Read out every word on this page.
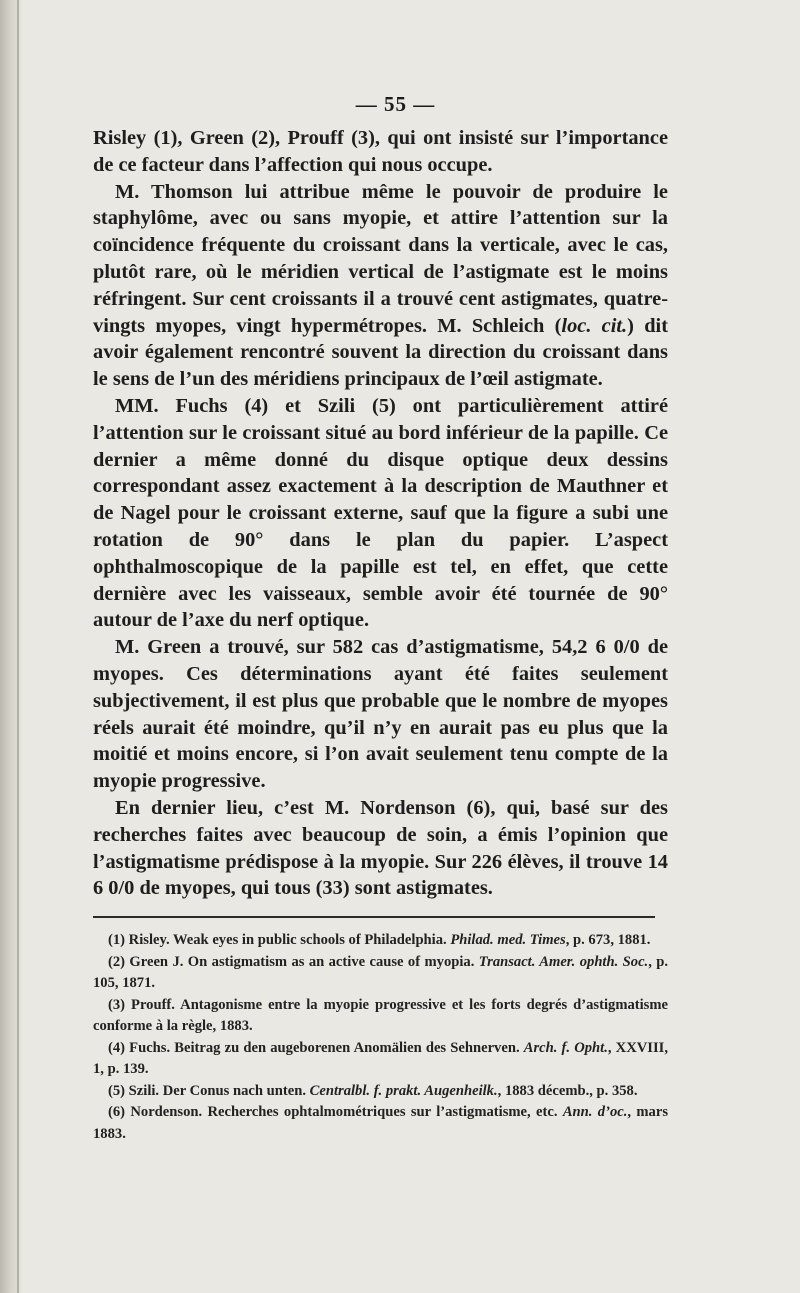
— 55 —

Risley (1), Green (2), Prouff (3), qui ont insisté sur l’importance de ce facteur dans l’affection qui nous occupe.

M. Thomson lui attribue même le pouvoir de produire le staphylôme, avec ou sans myopie, et attire l’attention sur la coïncidence fréquente du croissant dans la verticale, avec le cas, plutôt rare, où le méridien vertical de l’astigmate est le moins réfringent. Sur cent croissants il a trouvé cent astigmates, quatre-vingts myopes, vingt hypermétropes. M. Schleich (loc. cit.) dit avoir également rencontré souvent la direction du croissant dans le sens de l’un des méridiens principaux de l’œil astigmate.

MM. Fuchs (4) et Szili (5) ont particulièrement attiré l’attention sur le croissant situé au bord inférieur de la papille. Ce dernier a même donné du disque optique deux dessins correspondant assez exactement à la description de Mauthner et de Nagel pour le croissant externe, sauf que la figure a subi une rotation de 90° dans le plan du papier. L’aspect ophthalmoscopique de la papille est tel, en effet, que cette dernière avec les vaisseaux, semble avoir été tournée de 90° autour de l’axe du nerf optique.

M. Green a trouvé, sur 582 cas d’astigmatisme, 54,2 6 0/0 de myopes. Ces déterminations ayant été faites seulement subjectivement, il est plus que probable que le nombre de myopes réels aurait été moindre, qu’il n’y en aurait pas eu plus que la moitié et moins encore, si l’on avait seulement tenu compte de la myopie progressive.

En dernier lieu, c’est M. Nordenson (6), qui, basé sur des recherches faites avec beaucoup de soin, a émis l’opinion que l’astigmatisme prédispose à la myopie. Sur 226 élèves, il trouve 14 6 0/0 de myopes, qui tous (33) sont astigmates.

(1) Risley. Weak eyes in public schools of Philadelphia. Philad. med. Times, p. 673, 1881.

(2) Green J. On astigmatism as an active cause of myopia. Transact. Amer. ophth. Soc., p. 105, 1871.

(3) Prouff. Antagonisme entre la myopie progressive et les forts degrés d’astigmatisme conforme à la règle, 1883.

(4) Fuchs. Beitrag zu den augeborenen Anomälien des Sehnerven. Arch. f. Opht., XXVIII, 1, p. 139.

(5) Szili. Der Conus nach unten. Centralbl. f. prakt. Augenheilk., 1883 décemb., p. 358.

(6) Nordenson. Recherches ophtalmométriques sur l’astigmatisme, etc. Ann. d’oc., mars 1883.
